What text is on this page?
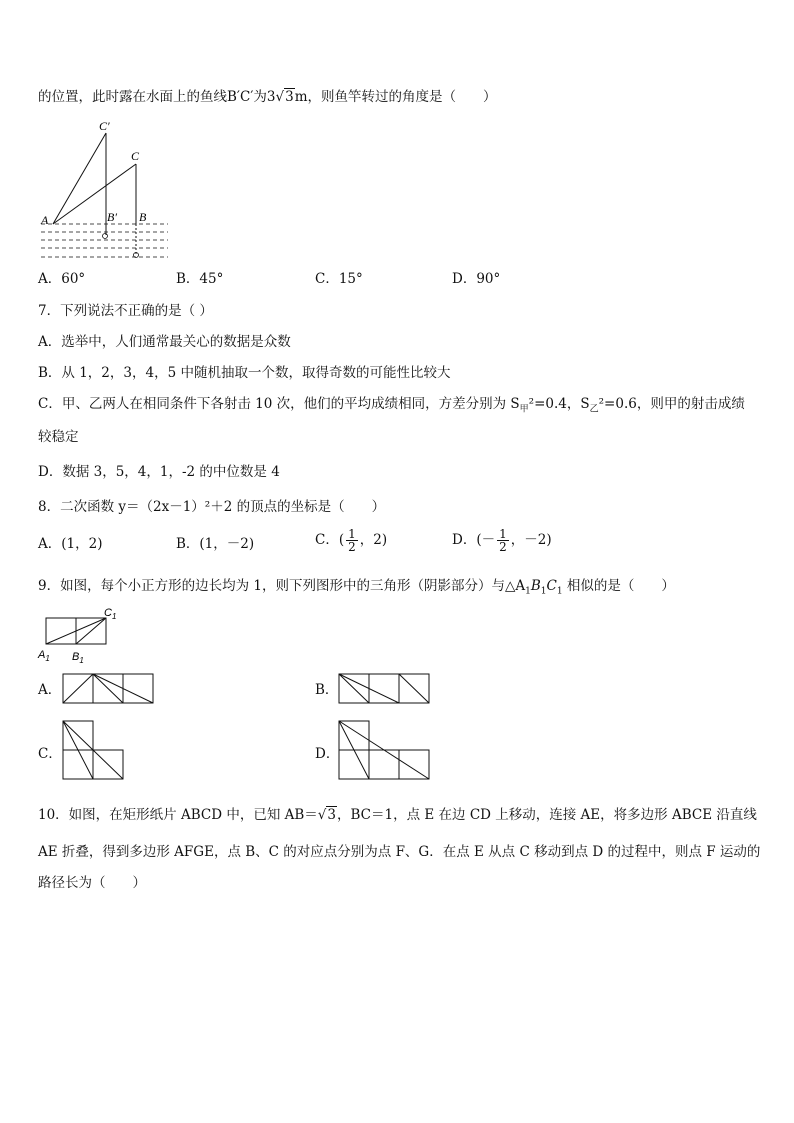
的位置，此时露在水面上的鱼线B′C′为3√3m，则鱼竿转过的角度是（　　）
C′
C
A	B′ B
A．60°	B．45°	C．15°	D．90°
7．下列说法不正确的是（ ）
A．选举中，人们通常最关心的数据是众数
B．从 1，2，3，4，5 中随机抽取一个数，取得奇数的可能性比较大
C．甲、乙两人在相同条件下各射击 10 次，他们的平均成绩相同，方差分别为 $S_甲^2=0.4$，$S_乙^2=0.6$，则甲的射击成绩
较稳定
D．数据 3，5，4，1，-2 的中位数是 4
8．二次函数 y＝（2x－1）²＋2 的顶点的坐标是（　　）
A．(1，2)	B．(1，－2)	C．( $\frac{1}{2}$ ，2)	D．(－ $\frac{1}{2}$ ，－2)
9．如图，每个小正方形的边长均为 1，则下列图形中的三角形（阴影部分）与$\triangle A_1B_1C_1$ 相似的是（　　）
$C_1$
$A_1$ $B_1$
A．	B．
C．	D．
10．如图，在矩形纸片 ABCD 中，已知 AB＝√3，BC＝1，点 E 在边 CD 上移动，连接 AE，将多边形 ABCE 沿直线
AE 折叠，得到多边形 AFGE，点 B、C 的对应点分别为点 F、G．在点 E 从点 C 移动到点 D 的过程中，则点 F 运动的
路径长为（　　）
